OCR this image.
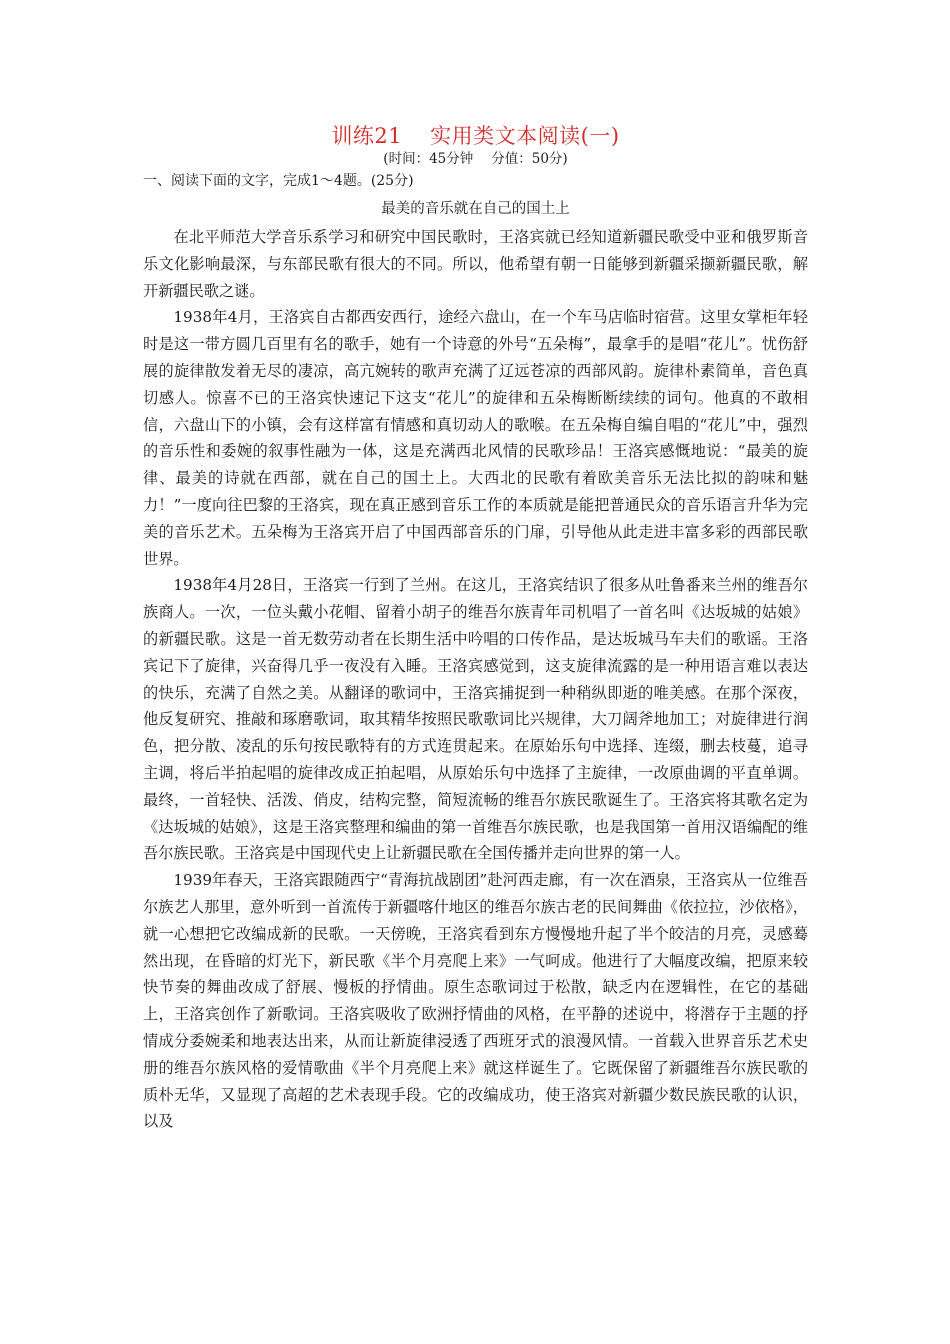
训练21 实用类文本阅读(一)

(时间：45分钟 分值：50分)

一、阅读下面的文字，完成1～4题。(25分)

最美的音乐就在自己的国土上

在北平师范大学音乐系学习和研究中国民歌时，王洛宾就已经知道新疆民歌受中亚和俄罗斯音乐文化影响最深，与东部民歌有很大的不同。所以，他希望有朝一日能够到新疆采撷新疆民歌，解开新疆民歌之谜。

1938年4月，王洛宾自古都西安西行，途经六盘山，在一个车马店临时宿营。这里女掌柜年轻时是这一带方圆几百里有名的歌手，她有一个诗意的外号“五朵梅”，最拿手的是唱“花儿”。忧伤舒展的旋律散发着无尽的凄凉，高亢婉转的歌声充满了辽远苍凉的西部风韵。旋律朴素简单，音色真切感人。惊喜不已的王洛宾快速记下这支“花儿”的旋律和五朵梅断断续续的词句。他真的不敢相信，六盘山下的小镇，会有这样富有情感和真切动人的歌喉。在五朵梅自编自唱的“花儿”中，强烈的音乐性和委婉的叙事性融为一体，这是充满西北风情的民歌珍品！王洛宾感慨地说：“最美的旋律、最美的诗就在西部，就在自己的国土上。大西北的民歌有着欧美音乐无法比拟的韵味和魅力！”一度向往巴黎的王洛宾，现在真正感到音乐工作的本质就是能把普通民众的音乐语言升华为完美的音乐艺术。五朵梅为王洛宾开启了中国西部音乐的门扉，引导他从此走进丰富多彩的西部民歌世界。

1938年4月28日，王洛宾一行到了兰州。在这儿，王洛宾结识了很多从吐鲁番来兰州的维吾尔族商人。一次，一位头戴小花帽、留着小胡子的维吾尔族青年司机唱了一首名叫《达坂城的姑娘》的新疆民歌。这是一首无数劳动者在长期生活中吟唱的口传作品，是达坂城马车夫们的歌谣。王洛宾记下了旋律，兴奋得几乎一夜没有入睡。王洛宾感觉到，这支旋律流露的是一种用语言难以表达的快乐，充满了自然之美。从翻译的歌词中，王洛宾捕捉到一种稍纵即逝的唯美感。在那个深夜，他反复研究、推敲和琢磨歌词，取其精华按照民歌歌词比兴规律，大刀阔斧地加工；对旋律进行润色，把分散、凌乱的乐句按民歌特有的方式连贯起来。在原始乐句中选择、连缀，删去枝蔓，追寻主调，将后半拍起唱的旋律改成正拍起唱，从原始乐句中选择了主旋律，一改原曲调的平直单调。最终，一首轻快、活泼、俏皮，结构完整，简短流畅的维吾尔族民歌诞生了。王洛宾将其歌名定为《达坂城的姑娘》，这是王洛宾整理和编曲的第一首维吾尔族民歌，也是我国第一首用汉语编配的维吾尔族民歌。王洛宾是中国现代史上让新疆民歌在全国传播并走向世界的第一人。

1939年春天，王洛宾跟随西宁“青海抗战剧团”赴河西走廊，有一次在酒泉，王洛宾从一位维吾尔族艺人那里，意外听到一首流传于新疆喀什地区的维吾尔族古老的民间舞曲《依拉拉，沙依格》，就一心想把它改编成新的民歌。一天傍晚，王洛宾看到东方慢慢地升起了半个皎洁的月亮，灵感蓦然出现，在昏暗的灯光下，新民歌《半个月亮爬上来》一气呵成。他进行了大幅度改编，把原来较快节奏的舞曲改成了舒展、慢板的抒情曲。原生态歌词过于松散，缺乏内在逻辑性，在它的基础上，王洛宾创作了新歌词。王洛宾吸收了欧洲抒情曲的风格，在平静的述说中，将潜存于主题的抒情成分委婉柔和地表达出来，从而让新旋律浸透了西班牙式的浪漫风情。一首载入世界音乐艺术史册的维吾尔族风格的爱情歌曲《半个月亮爬上来》就这样诞生了。它既保留了新疆维吾尔族民歌的质朴无华，又显现了高超的艺术表现手段。它的改编成功，使王洛宾对新疆少数民族民歌的认识，以及
